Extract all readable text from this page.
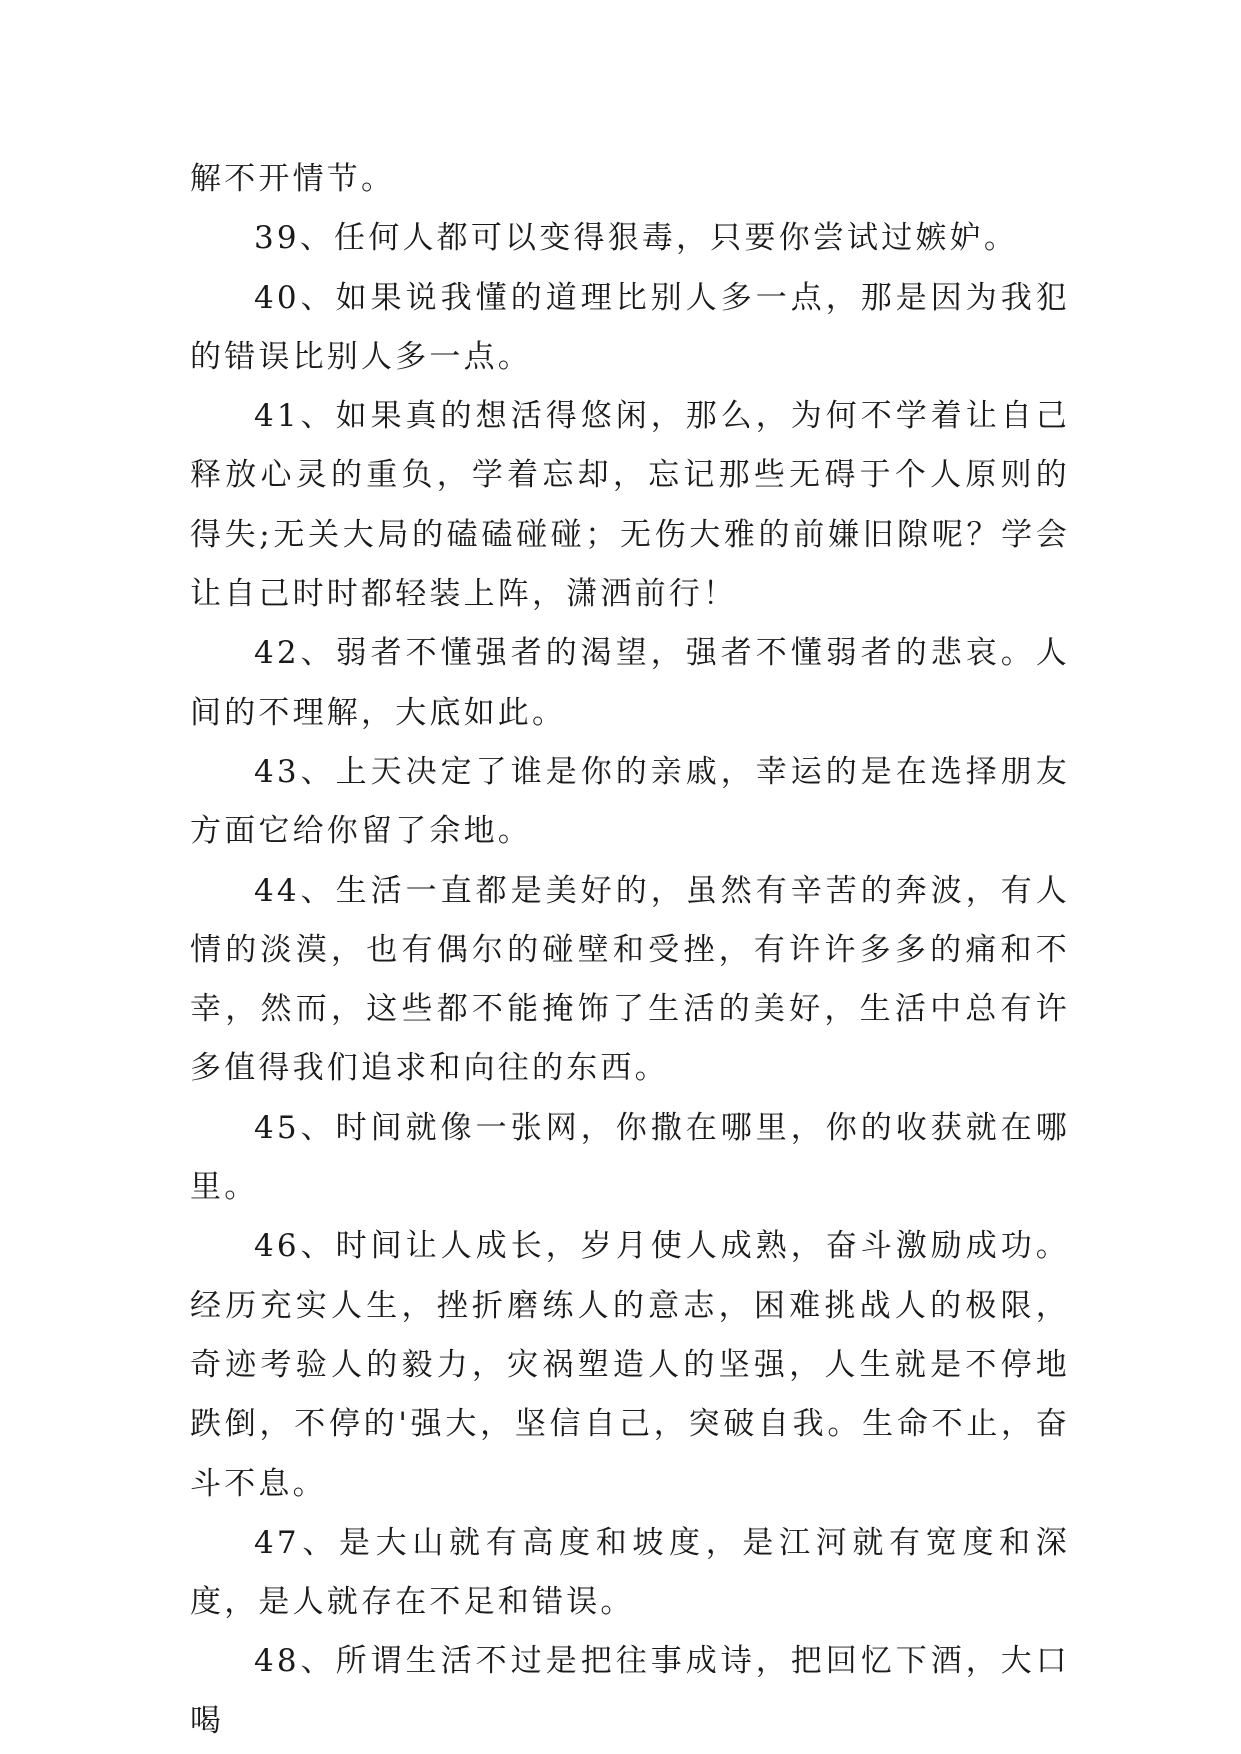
解不开情节。

39、任何人都可以变得狠毒，只要你尝试过嫉妒。

40、如果说我懂的道理比别人多一点，那是因为我犯的错误比别人多一点。

41、如果真的想活得悠闲，那么，为何不学着让自己释放心灵的重负，学着忘却，忘记那些无碍于个人原则的得失;无关大局的磕磕碰碰；无伤大雅的前嫌旧隙呢？学会让自己时时都轻装上阵，潇洒前行！

42、弱者不懂强者的渴望，强者不懂弱者的悲哀。人间的不理解，大底如此。

43、上天决定了谁是你的亲戚，幸运的是在选择朋友方面它给你留了余地。

44、生活一直都是美好的，虽然有辛苦的奔波，有人情的淡漠，也有偶尔的碰壁和受挫，有许许多多的痛和不幸，然而，这些都不能掩饰了生活的美好，生活中总有许多值得我们追求和向往的东西。

45、时间就像一张网，你撒在哪里，你的收获就在哪里。

46、时间让人成长，岁月使人成熟，奋斗激励成功。经历充实人生，挫折磨练人的意志，困难挑战人的极限，奇迹考验人的毅力，灾祸塑造人的坚强，人生就是不停地跌倒，不停的'强大，坚信自己，突破自我。生命不止，奋斗不息。

47、是大山就有高度和坡度，是江河就有宽度和深度，是人就存在不足和错误。

48、所谓生活不过是把往事成诗，把回忆下酒，大口喝
